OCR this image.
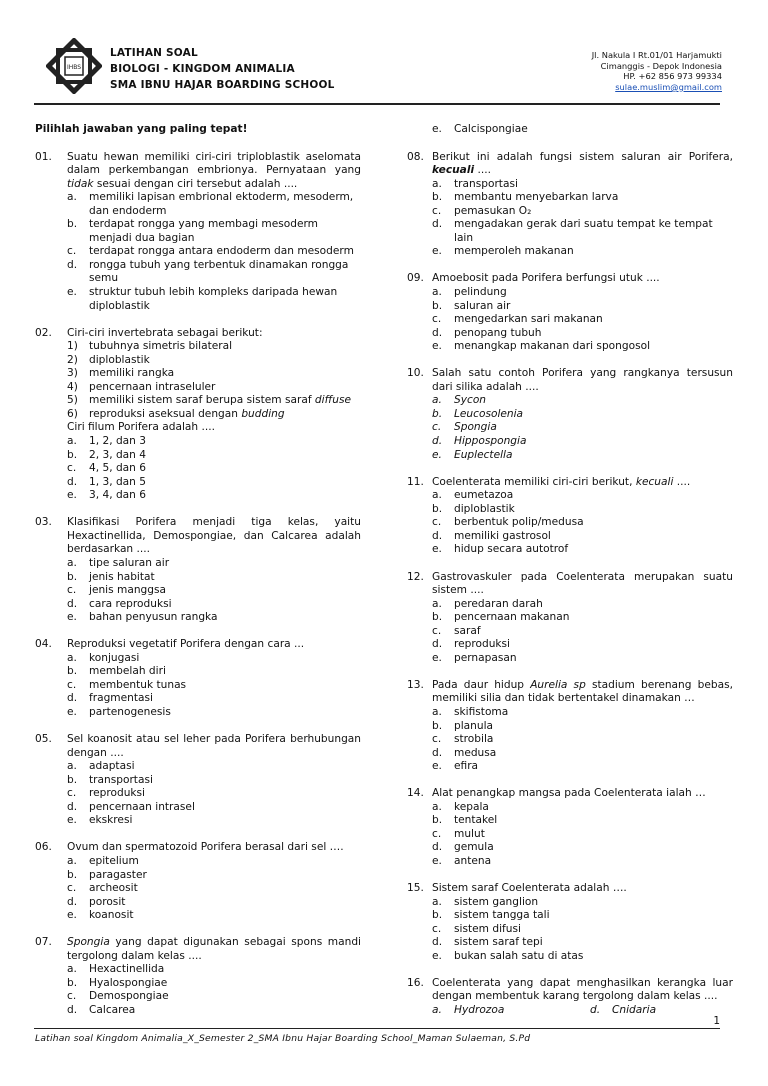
IHBS
LATIHAN SOAL
BIOLOGI - KINGDOM ANIMALIA
SMA IBNU HAJAR BOARDING SCHOOL
Jl. Nakula I Rt.01/01 Harjamukti
Cimanggis - Depok Indonesia
HP. +62 856 973 99334
sulae.muslim@gmail.com
Pilihlah jawaban yang paling tepat!
01.	Suatu hewan memiliki ciri-ciri triploblastik aselomata dalam perkembangan embrionya. Pernyataan yang tidak sesuai dengan ciri tersebut adalah ....
a.	memiliki lapisan embrional ektoderm, mesoderm, dan endoderm
b.	terdapat rongga yang membagi mesoderm menjadi dua bagian
c.	terdapat rongga antara endoderm dan mesoderm
d.	rongga tubuh yang terbentuk dinamakan rongga semu
e.	struktur tubuh lebih kompleks daripada hewan diploblastik
02.	Ciri-ciri invertebrata sebagai berikut:
1)	tubuhnya simetris bilateral
2)	diploblastik
3)	memiliki rangka
4)	pencernaan intraseluler
5)	memiliki sistem saraf berupa sistem saraf diffuse
6)	reproduksi aseksual dengan budding
Ciri filum Porifera adalah ....
a.	1, 2, dan 3
b.	2, 3, dan 4
c.	4, 5, dan 6
d.	1, 3, dan 5
e.	3, 4, dan 6
03.	Klasifikasi Porifera menjadi tiga kelas, yaitu Hexactinellida, Demospongiae, dan Calcarea adalah berdasarkan ....
a.	tipe saluran air
b.	jenis habitat
c.	jenis manggsa
d.	cara reproduksi
e.	bahan penyusun rangka
04.	Reproduksi vegetatif Porifera dengan cara ...
a.	konjugasi
b.	membelah diri
c.	membentuk tunas
d.	fragmentasi
e.	partenogenesis
05.	Sel koanosit atau sel leher pada Porifera berhubungan dengan ....
a.	adaptasi
b.	transportasi
c.	reproduksi
d.	pencernaan intrasel
e.	ekskresi
06.	Ovum dan spermatozoid Porifera berasal dari sel ….
a.	epitelium
b.	paragaster
c.	archeosit
d.	porosit
e.	koanosit
07.	Spongia yang dapat digunakan sebagai spons mandi tergolong dalam kelas ....
a.	Hexactinellida
b.	Hyalospongiae
c.	Demospongiae
d.	Calcarea
e.	Calcispongiae
08. Berikut ini adalah fungsi sistem saluran air Porifera, kecuali ....
a.	transportasi
b.	membantu menyebarkan larva
c.	pemasukan O₂
d.	mengadakan gerak dari suatu tempat ke tempat lain
e.	memperoleh makanan
09. Amoebosit pada Porifera berfungsi utuk ....
a.	pelindung
b.	saluran air
c.	mengedarkan sari makanan
d.	penopang tubuh
e.	menangkap makanan dari spongosol
10. Salah satu contoh Porifera yang rangkanya tersusun dari silika adalah ....
a.	Sycon
b.	Leucosolenia
c.	Spongia
d.	Hippospongia
e.	Euplectella
11. Coelenterata memiliki ciri-ciri berikut, kecuali ....
a.	eumetazoa
b.	diploblastik
c.	berbentuk polip/medusa
d.	memiliki gastrosol
e.	hidup secara autotrof
12. Gastrovaskuler pada Coelenterata merupakan suatu sistem ....
a.	peredaran darah
b.	pencernaan makanan
c.	saraf
d.	reproduksi
e.	pernapasan
13. Pada daur hidup Aurelia sp stadium berenang bebas, memiliki silia dan tidak bertentakel dinamakan …
a.	skifistoma
b.	planula
c.	strobila
d.	medusa
e.	efira
14. Alat penangkap mangsa pada Coelenterata ialah …
a.	kepala
b.	tentakel
c.	mulut
d.	gemula
e.	antena
15. Sistem saraf Coelenterata adalah ….
a.	sistem ganglion
b.	sistem tangga tali
c.	sistem difusi
d.	sistem saraf tepi
e.	bukan salah satu di atas
16. Coelenterata yang dapat menghasilkan kerangka luar dengan membentuk karang tergolong dalam kelas ....
a.	Hydrozoa	d.	Cnidaria
1
Latihan soal Kingdom Animalia_X_Semester 2_SMA Ibnu Hajar Boarding School_Maman Sulaeman, S.Pd
